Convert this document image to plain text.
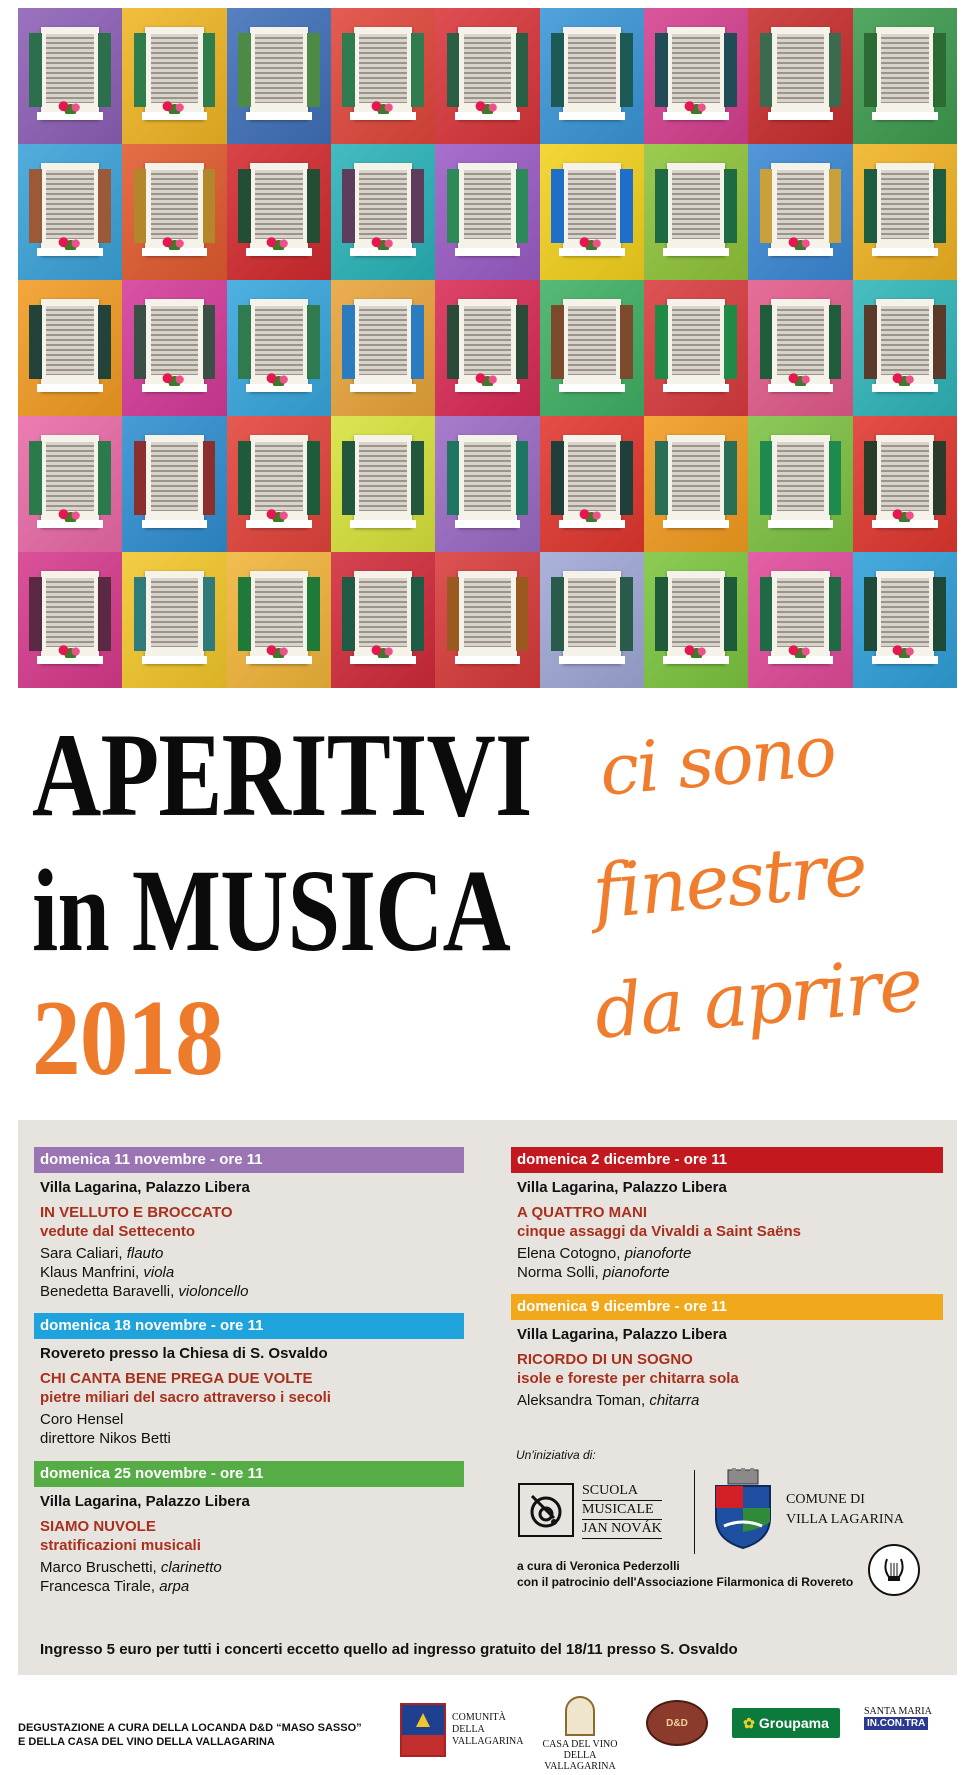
APERITIVI
in MUSICA
2018
ci sono
finestre
da aprire
domenica 11 novembre - ore 11
Villa Lagarina, Palazzo Libera
IN VELLUTO E BROCCATO
vedute dal Settecento
Sara Caliari, flauto
Klaus Manfrini, viola
Benedetta Baravelli, violoncello
domenica 18 novembre - ore 11
Rovereto presso la Chiesa di S. Osvaldo
CHI CANTA BENE PREGA DUE VOLTE
pietre miliari del sacro attraverso i secoli
Coro Hensel
direttore Nikos Betti
domenica 25 novembre - ore 11
Villa Lagarina, Palazzo Libera
SIAMO NUVOLE
stratificazioni musicali
Marco Bruschetti, clarinetto
Francesca Tirale, arpa
domenica 2 dicembre - ore 11
Villa Lagarina, Palazzo Libera
A QUATTRO MANI
cinque assaggi da Vivaldi a Saint Saëns
Elena Cotogno, pianoforte
Norma Solli, pianoforte
domenica 9 dicembre - ore 11
Villa Lagarina, Palazzo Libera
RICORDO DI UN SOGNO
isole e foreste per chitarra sola
Aleksandra Toman, chitarra
Un'iniziativa di:
SCUOLA
MUSICALE
JAN NOVÁK
COMUNE DI
VILLA LAGARINA
a cura di Veronica Pederzolli
con il patrocinio dell'Associazione Filarmonica di Rovereto
Ingresso 5 euro per tutti i concerti eccetto quello ad ingresso gratuito del 18/11 presso S. Osvaldo
DEGUSTAZIONE A CURA DELLA LOCANDA D&D “MASO SASSO”
E DELLA CASA DEL VINO DELLA VALLAGARINA
COMUNITÀ
DELLA
VALLAGARINA CASA DEL VINO
DELLA VALLAGARINA
D&D	✿ Groupama
SANTA MARIA
IN.CON.TRA
